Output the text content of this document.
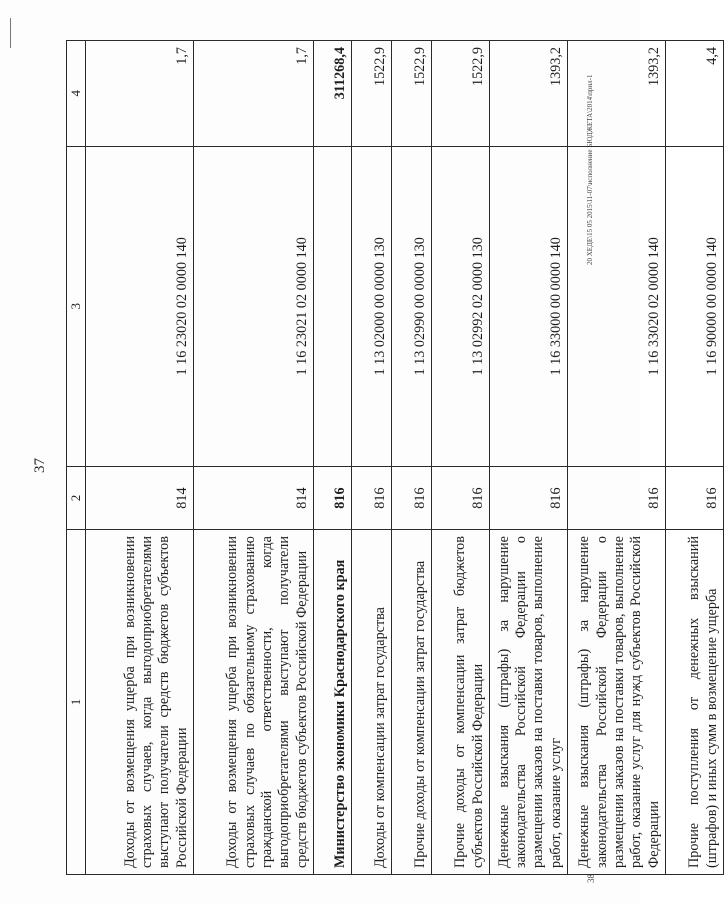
37
20 ХЕДЕ\15 05 2015\11-07\исполнение БЮДЖЕТА\2014\прил-1
38
1	2	3	4
Доходы от возмещения ущерба при возникновении страховых случаев, когда выгодоприобретателями выступают получатели средств бюджетов субъектов Российской Федерации	814	1 16 23020 02 0000 140	1,7
Доходы от возмещения ущерба при возникновении страховых случаев по обязательному страхованию гражданской ответственности, когда выгодоприобретателями выступают получатели средств бюджетов субъектов Российской Федерации	814	1 16 23021 02 0000 140	1,7
Министерство экономики Краснодарского края	816		311268,4
Доходы от компенсации затрат государства	816	1 13 02000 00 0000 130	1522,9
Прочие доходы от компенсации затрат государства	816	1 13 02990 00 0000 130	1522,9
Прочие доходы от компенсации затрат бюджетов субъектов Российской Федерации	816	1 13 02992 02 0000 130	1522,9
Денежные взыскания (штрафы) за нарушение законодательства Российской Федерации о размещении заказов на поставки товаров, выполнение работ, оказание услуг	816	1 16 33000 00 0000 140	1393,2
Денежные взыскания (штрафы) за нарушение законодательства Российской Федерации о размещении заказов на поставки товаров, выполнение работ, оказание услуг для нужд субъектов Российской Федерации	816	1 16 33020 02 0000 140	1393,2
Прочие поступления от денежных взысканий (штрафов) и иных сумм в возмещение ущерба	816	1 16 90000 00 0000 140	4,4
